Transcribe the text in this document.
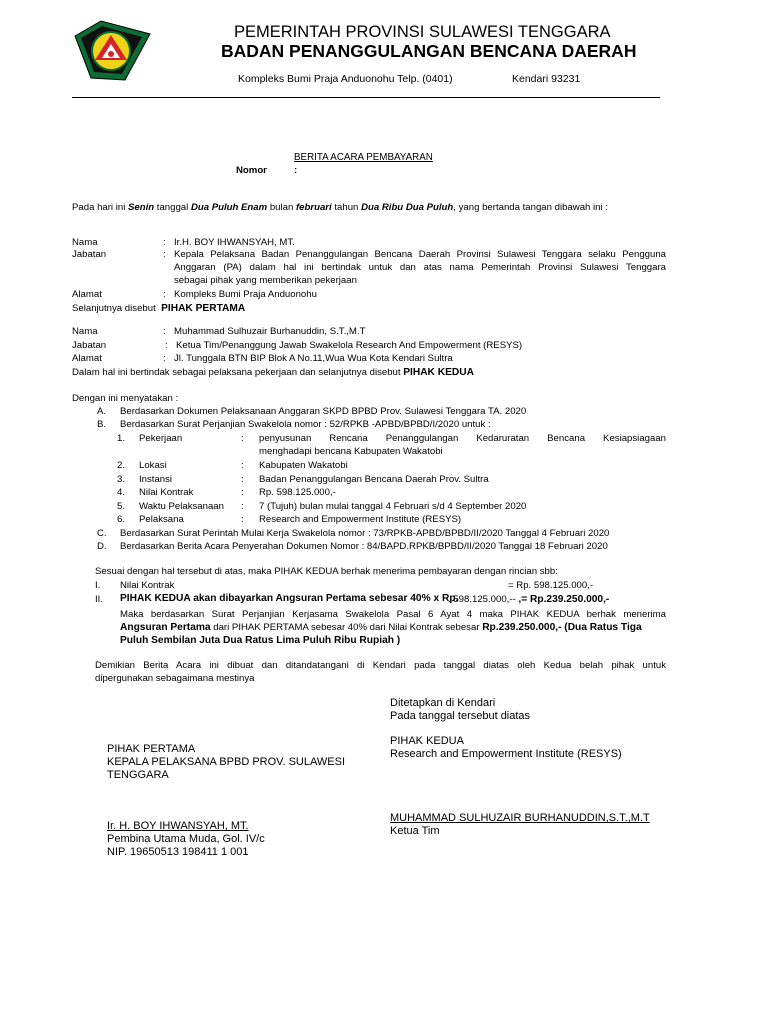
PEMERINTAH PROVINSI SULAWESI TENGGARA
BADAN PENANGGULANGAN BENCANA DAERAH
Kompleks Bumi Praja Anduonohu Telp. (0401)	Kendari 93231
BERITA ACARA PEMBAYARAN
Nomor	:
Pada hari ini Senin tanggal Dua Puluh Enam bulan februari tahun Dua Ribu Dua Puluh, yang bertanda tangan dibawah ini :
Nama	: Ir.H. BOY IHWANSYAH, MT.
Jabatan	: Kepala Pelaksana Badan Penanggulangan Bencana Daerah Provinsi Sulawesi Tenggara selaku Pengguna
Anggaran (PA) dalam hal ini bertindak untuk dan atas nama Pemerintah Provinsi Sulawesi Tenggara
sebagai pihak yang memberikan pekerjaan
Alamat	: Kompleks Bumi Praja Anduonohu
Selanjutnya disebut PIHAK PERTAMA
Nama	: Muhammad Sulhuzair Burhanuddin, S.T.,M.T
Jabatan	: Ketua Tim/Penanggung Jawab Swakelola Research And Empowerment (RESYS)
Alamat	: Jl. Tunggala BTN BIP Blok A No.11,Wua Wua Kota Kendari Sultra
Dalam hal ini bertindak sebagai pelaksana pekerjaan dan selanjutnya disebut PIHAK KEDUA
Dengan ini menyatakan :
A. Berdasarkan Dokumen Pelaksanaan Anggaran SKPD BPBD Prov. Sulawesi Tenggara TA. 2020
B. Berdasarkan Surat Perjanjian Swakelola nomor : 52/RPKB -APBD/BPBD/I/2020 untuk :
1. Pekerjaan	: penyusunan Rencana Penanggulangan Kedaruratan Bencana Kesiapsiagaan
menghadapi bencana Kabupaten Wakatobi
2. Lokasi	: Kabupaten Wakatobi
3. Instansi	: Badan Penanggulangan Bencana Daerah Prov. Sultra
4. Nilai Kontrak	: Rp. 598.125.000,-
5. Waktu Pelaksanaan : 7 (Tujuh) bulan mulai tanggal 4 Februari s/d 4 September 2020
6. Pelaksana	: Research and Empowerment Institute (RESYS)
C. Berdasarkan Surat Perintah Mulai Kerja Swakelola nomor : 73/RPKB-APBD/BPBD/II/2020 Tanggal 4 Februari 2020
D. Berdasarkan Berita Acara Penyerahan Dokumen Nomor : 84/BAPD.RPKB/BPBD/II/2020 Tanggal 18 Februari 2020
Sesuai dengan hal tersebut di atas, maka PIHAK KEDUA berhak menerima pembayaran dengan rincian sbb:
I. Nilai Kontrak	= Rp. 598.125.000,-
II. PIHAK KEDUA akan dibayarkan Angsuran Pertama sebesar 40% x Rp.
. 598.125.000,-- ,= Rp.239.250.000,-
Maka berdasarkan Surat Perjanjian Kerjasama Swakelola Pasal 6 Ayat 4 maka PIHAK KEDUA berhak menerima
Angsuran Pertama dari PIHAK PERTAMA sebesar 40% dari Nilai Kontrak sebesar Rp.239.250.000,- (Dua Ratus Tiga
Puluh Sembilan Juta Dua Ratus Lima Puluh Ribu Rupiah )
Demikian Berita Acara ini dibuat dan ditandatangani di Kendari pada tanggal diatas oleh Kedua belah pihak untuk
dipergunakan sebagaimana mestinya
Ditetapkan di Kendari
Pada tanggal tersebut diatas
PIHAK PERTAMA
KEPALA PELAKSANA BPBD PROV. SULAWESI
TENGGARA
PIHAK KEDUA
Research and Empowerment Institute (RESYS)
Ir. H. BOY IHWANSYAH, MT.
Pembina Utama Muda, Gol. IV/c
NIP. 19650513 198411 1 001
MUHAMMAD SULHUZAIR BURHANUDDIN,S.T.,M.T
Ketua Tim
